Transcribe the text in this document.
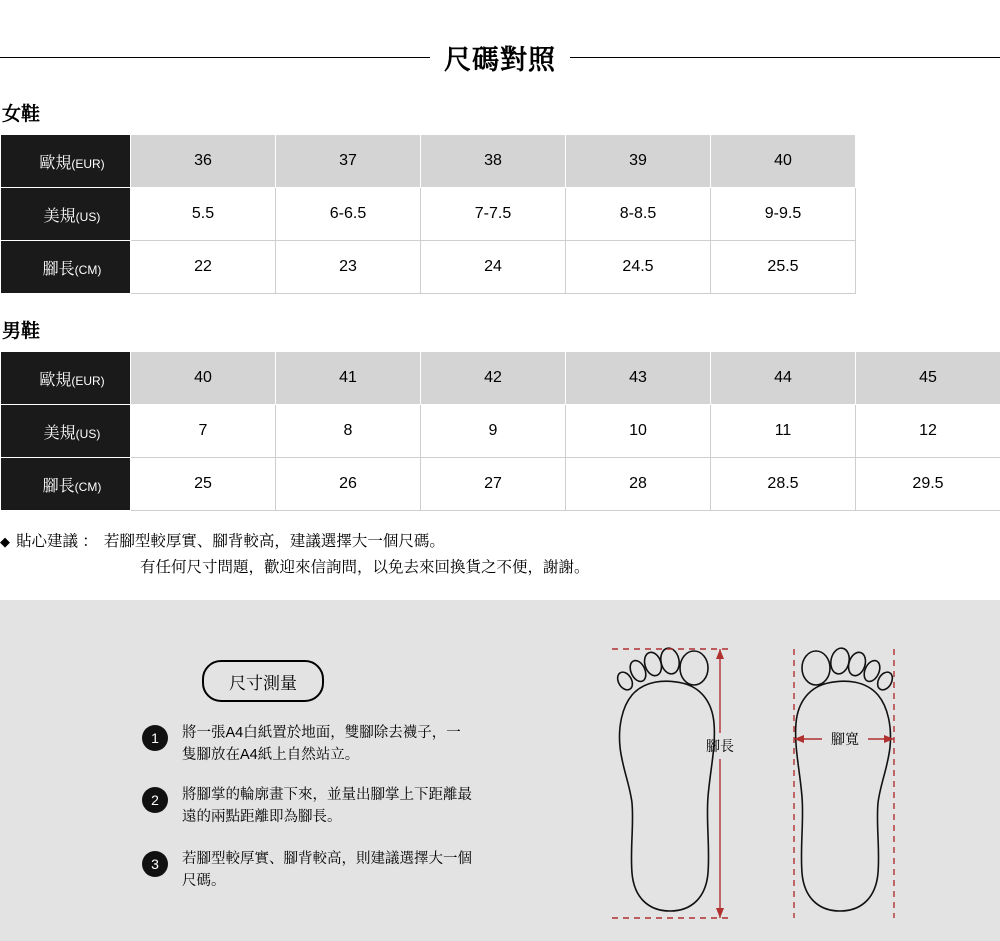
尺碼對照
女鞋
歐規(EUR)	36	37	38	39	40
美規(US)	5.5	6-6.5	7-7.5	8-8.5	9-9.5
腳長(CM)	22	23	24	24.5	25.5
男鞋
歐規(EUR)	40	41	42	43	44	45
美規(US)	7	8	9	10	11	12
腳長(CM)	25	26	27	28	28.5	29.5
◆ 貼心建議 ： 若腳型較厚實、腳背較高，建議選擇大一個尺碼。
有任何尺寸問題，歡迎來信詢問，以免去來回換貨之不便，謝謝。
尺寸測量
1	將一張A4白紙置於地面，雙腳除去襪子，一隻腳放在A4紙上自然站立。
2	將腳掌的輪廓畫下來，並量出腳掌上下距離最遠的兩點距離即為腳長。
3	若腳型較厚實、腳背較高，則建議選擇大一個尺碼。
腳長	腳寬
